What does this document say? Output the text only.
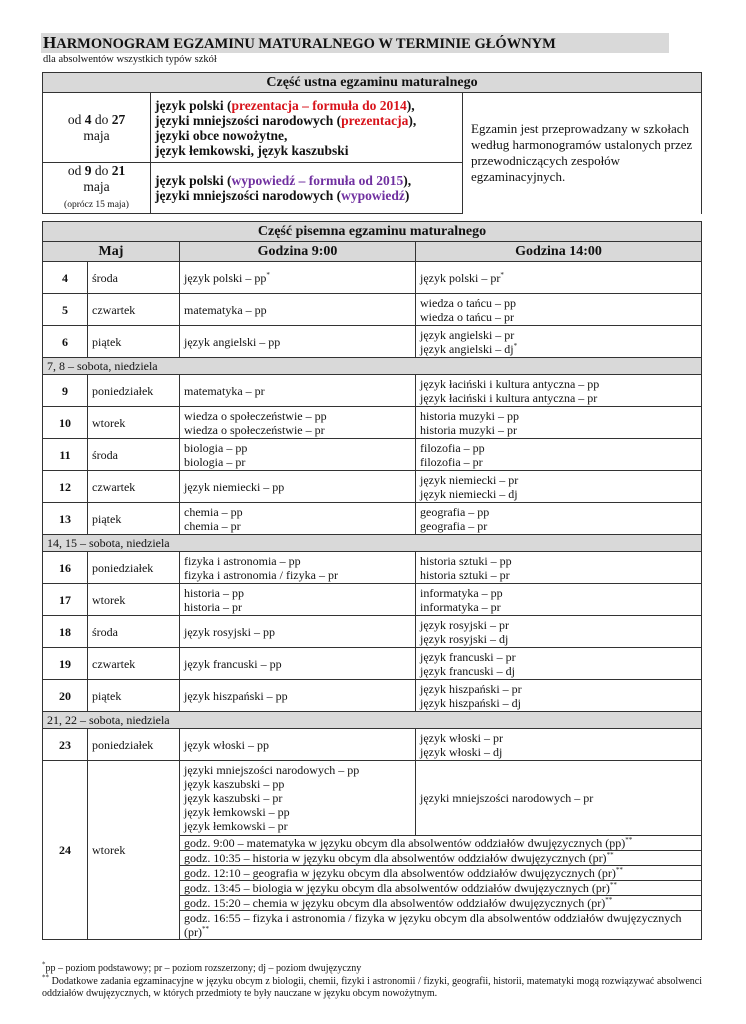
HARMONOGRAM EGZAMINU MATURALNEGO W TERMINIE GŁÓWNYM
dla absolwentów wszystkich typów szkół
Część ustna egzaminu maturalnego		
od 4 do 27
maja	język polski (prezentacja – formuła do 2014),
języki mniejszości narodowych (prezentacja),
języki obce nowożytne,
język łemkowski, język kaszubski	Egzamin jest przeprowadzany w szkołach według harmonogramów ustalonych przez przewodniczących zespołów egzaminacyjnych.
od 9 do 21
maja
(oprócz 15 maja)	język polski (wypowiedź – formuła od 2015),
języki mniejszości narodowych (wypowiedź)	
Część pisemna egzaminu maturalnego			
Maj		Godzina 9:00	Godzina 14:00
4	środa	język polski – pp*	język polski – pr*
5	czwartek	matematyka – pp	wiedza o tańcu – pp
wiedza o tańcu – pr
6	piątek	język angielski – pp	język angielski – pr
język angielski – dj*
7, 8 – sobota, niedziela			
9	poniedziałek	matematyka – pr	język łaciński i kultura antyczna – pp
język łaciński i kultura antyczna – pr
10	wtorek	wiedza o społeczeństwie – pp
wiedza o społeczeństwie – pr	historia muzyki – pp
historia muzyki – pr
11	środa	biologia – pp
biologia – pr	filozofia – pp
filozofia – pr
12	czwartek	język niemiecki – pp	język niemiecki – pr
język niemiecki – dj
13	piątek	chemia – pp
chemia – pr	geografia – pp
geografia – pr
14, 15 – sobota, niedziela			
16	poniedziałek	fizyka i astronomia – pp
fizyka i astronomia / fizyka – pr	historia sztuki – pp
historia sztuki – pr
17	wtorek	historia – pp
historia – pr	informatyka – pp
informatyka – pr
18	środa	język rosyjski – pp	język rosyjski – pr
język rosyjski – dj
19	czwartek	język francuski – pp	język francuski – pr
język francuski – dj
20	piątek	język hiszpański – pp	język hiszpański – pr
język hiszpański – dj
21, 22 – sobota, niedziela			
23	poniedziałek	język włoski – pp	język włoski – pr
język włoski – dj
24	wtorek	języki mniejszości narodowych – pp
język kaszubski – pp
język kaszubski – pr
język łemkowski – pp
język łemkowski – pr	języki mniejszości narodowych – pr
		godz. 9:00 – matematyka w języku obcym dla absolwentów oddziałów dwujęzycznych (pp)**
		godz. 10:35 – historia w języku obcym dla absolwentów oddziałów dwujęzycznych (pr)**
		godz. 12:10 – geografia w języku obcym dla absolwentów oddziałów dwujęzycznych (pr)**
		godz. 13:45 – biologia w języku obcym dla absolwentów oddziałów dwujęzycznych (pr)**
		godz. 15:20 – chemia w języku obcym dla absolwentów oddziałów dwujęzycznych (pr)**
		godz. 16:55 – fizyka i astronomia / fizyka w języku obcym dla absolwentów oddziałów dwujęzycznych (pr)**

*pp – poziom podstawowy; pr – poziom rozszerzony; dj – poziom dwujęzyczny

** Dodatkowe zadania egzaminacyjne w języku obcym z biologii, chemii, fizyki i astronomii / fizyki, geografii, historii, matematyki mogą rozwiązywać absolwenci oddziałów dwujęzycznych, w których przedmioty te były nauczane w języku obcym nowożytnym.
